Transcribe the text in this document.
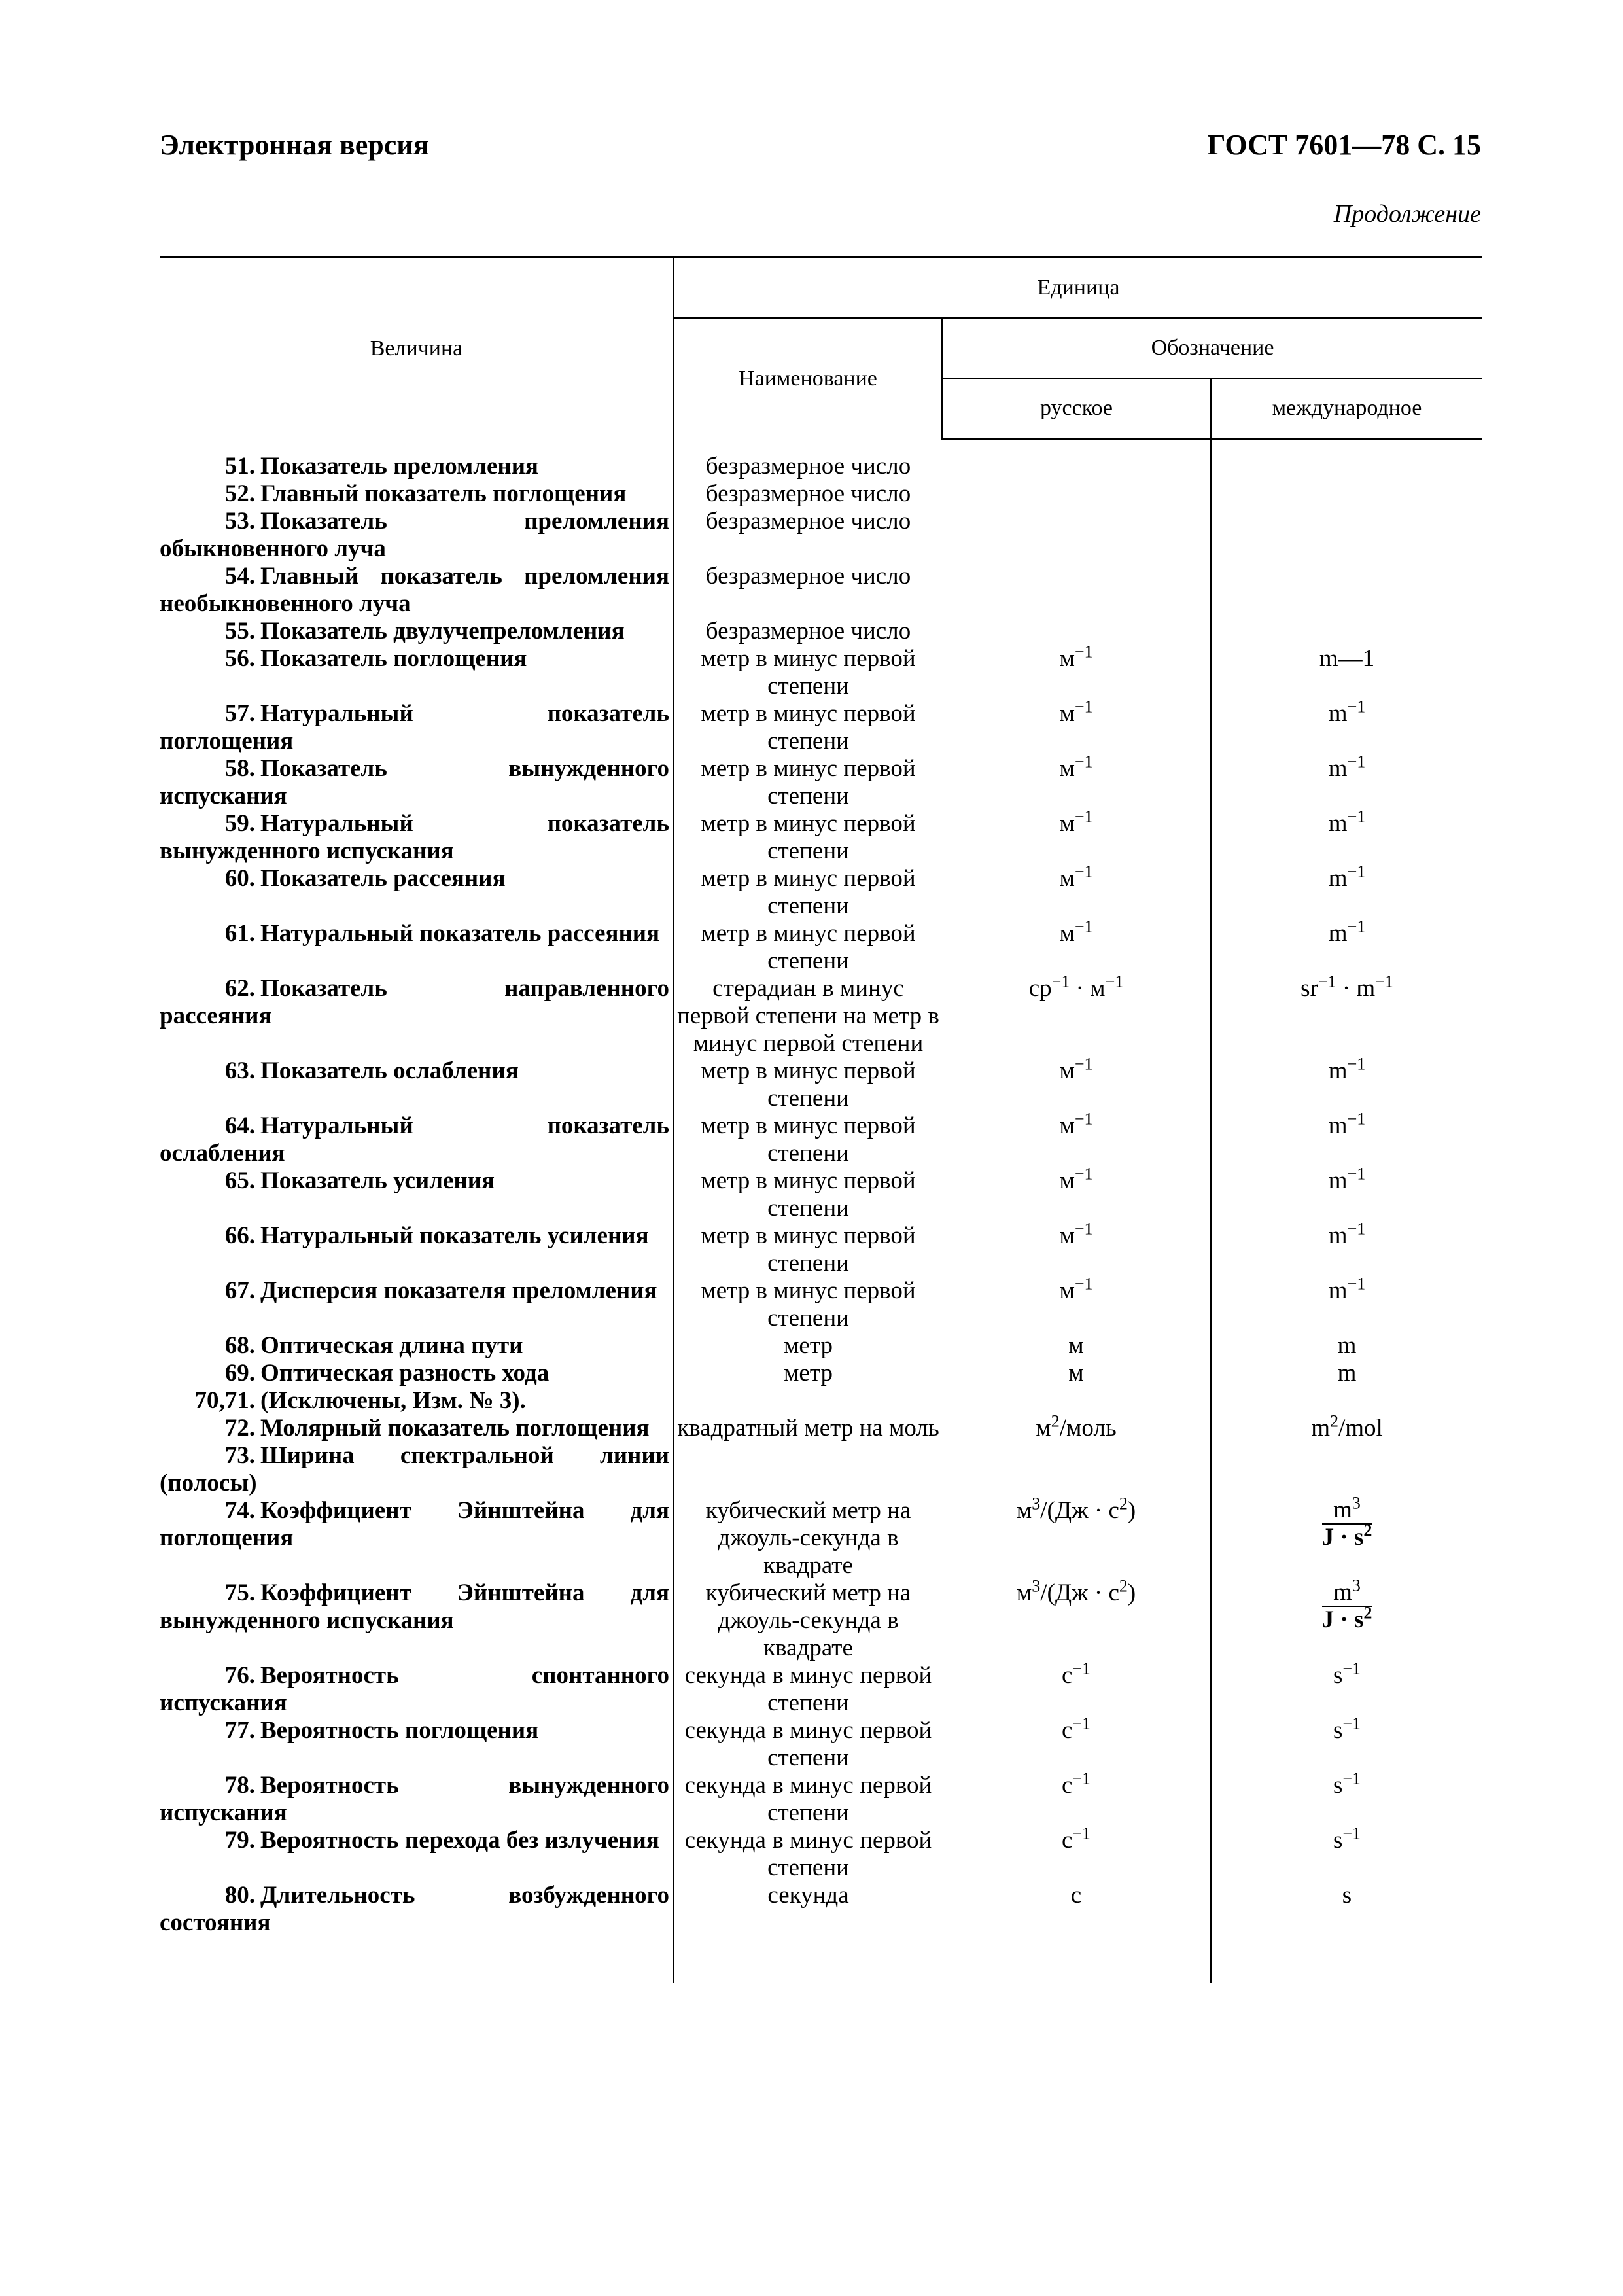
Электронная версия	ГОСТ 7601—78 С. 15
Продолжение
Величина	Единица		
	Наименование	Обозначение	
		русское	международное

51. Показатель преломления	безразмерное число		
52. Главный показатель поглощения	безразмерное число		
53. Показатель преломления обыкновенного луча	безразмерное число		
54. Главный показатель преломления необыкновенного луча	безразмерное число		
55. Показатель двулучепреломления	безразмерное число		
56. Показатель поглощения	метр в минус первой степени	$м^{-1}$	m—1
57. Натуральный показатель поглощения	метр в минус первой степени	$м^{-1}$	$m^{-1}$
58. Показатель вынужденного испускания	метр в минус первой степени	$м^{-1}$	$m^{-1}$
59. Натуральный показатель вынужденного испускания	метр в минус первой степени	$м^{-1}$	$m^{-1}$
60. Показатель рассеяния	метр в минус первой степени	$м^{-1}$	$m^{-1}$
61. Натуральный показатель рассеяния	метр в минус первой степени	$м^{-1}$	$m^{-1}$
62. Показатель направленного рассеяния	стерадиан в минус первой степени на метр в минус первой степени	$ср^{-1} \cdot м^{-1}$	$sr^{-1} \cdot m^{-1}$
63. Показатель ослабления	метр в минус первой степени	$м^{-1}$	$m^{-1}$
64. Натуральный показатель ослабления	метр в минус первой степени	$м^{-1}$	$m^{-1}$
65. Показатель усиления	метр в минус первой степени	$м^{-1}$	$m^{-1}$
66. Натуральный показатель усиления	метр в минус первой степени	$м^{-1}$	$m^{-1}$
67. Дисперсия показателя преломления	метр в минус первой степени	$м^{-1}$	$m^{-1}$
68. Оптическая длина пути	метр	м	m
69. Оптическая разность хода	метр	м	m
70,71. (Исключены, Изм. № 3).			
72. Молярный показатель поглощения	квадратный метр на моль	$м^2$/моль	$m^2$/mol
73. Ширина спектральной линии (полосы)			
74. Коэффициент Эйнштейна для поглощения	кубический метр на джоуль-секунда в квадрате	$м^3/(Дж \cdot с^2)$	$\frac{m^3}{J \cdot s^2}$

75. Коэффициент Эйнштейна для вынужденного испускания	кубический метр на джоуль-секунда в квадрате	$м^3/(Дж \cdot с^2)$	$\frac{m^3}{J \cdot s^2}$

76. Вероятность спонтанного испускания	секунда в минус первой степени	$с^{-1}$	$s^{-1}$
77. Вероятность поглощения	секунда в минус первой степени	$с^{-1}$	$s^{-1}$
78. Вероятность вынужденного испускания	секунда в минус первой степени	$с^{-1}$	$s^{-1}$
79. Вероятность перехода без излучения	секунда в минус первой степени	$с^{-1}$	$s^{-1}$
80. Длительность возбужденного состояния	секунда	с	s
